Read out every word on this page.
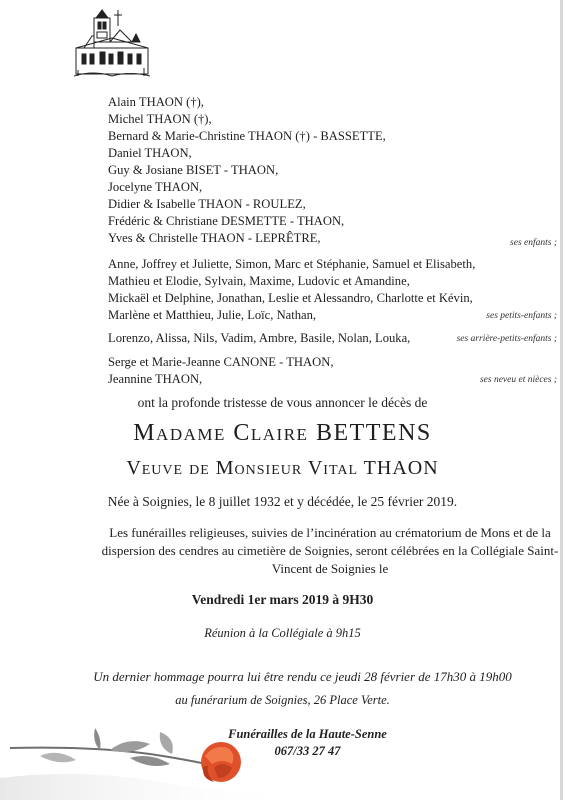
Alain THAON (†),
Michel THAON (†),
Bernard & Marie-Christine THAON (†) - BASSETTE,
Daniel THAON,
Guy & Josiane BISET - THAON,
Jocelyne THAON,
Didier & Isabelle THAON - ROULEZ,
Frédéric & Christiane DESMETTE - THAON,
Yves & Christelle THAON - LEPRÊTRE,	ses enfants ;
Anne, Joffrey et Juliette, Simon, Marc et Stéphanie, Samuel et Elisabeth,
Mathieu et Elodie, Sylvain, Maxime, Ludovic et Amandine,
Mickaël et Delphine, Jonathan, Leslie et Alessandro, Charlotte et Kévin,
Marlène et Matthieu, Julie, Loïc, Nathan,	ses petits-enfants ;
Lorenzo, Alissa, Nils, Vadim, Ambre, Basile, Nolan, Louka,	ses arrière-petits-enfants ;
Serge et Marie-Jeanne CANONE - THAON,
Jeannine THAON,	ses neveu et nièces ;
ont la profonde tristesse de vous annoncer le décès de
Madame Claire BETTENS
Veuve de Monsieur Vital THAON
Née à Soignies, le 8 juillet 1932 et y décédée, le 25 février 2019.
Les funérailles religieuses, suivies de l’incinération au crématorium de Mons et de la dispersion des cendres au cimetière de Soignies, seront célébrées en la Collégiale Saint-Vincent de Soignies le
Vendredi 1er mars 2019 à 9H30
Réunion à la Collégiale à 9h15
Un dernier hommage pourra lui être rendu ce jeudi 28 février de 17h30 à 19h00
au funérarium de Soignies, 26 Place Verte.
Funérailles de la Haute-Senne
067/33 27 47
